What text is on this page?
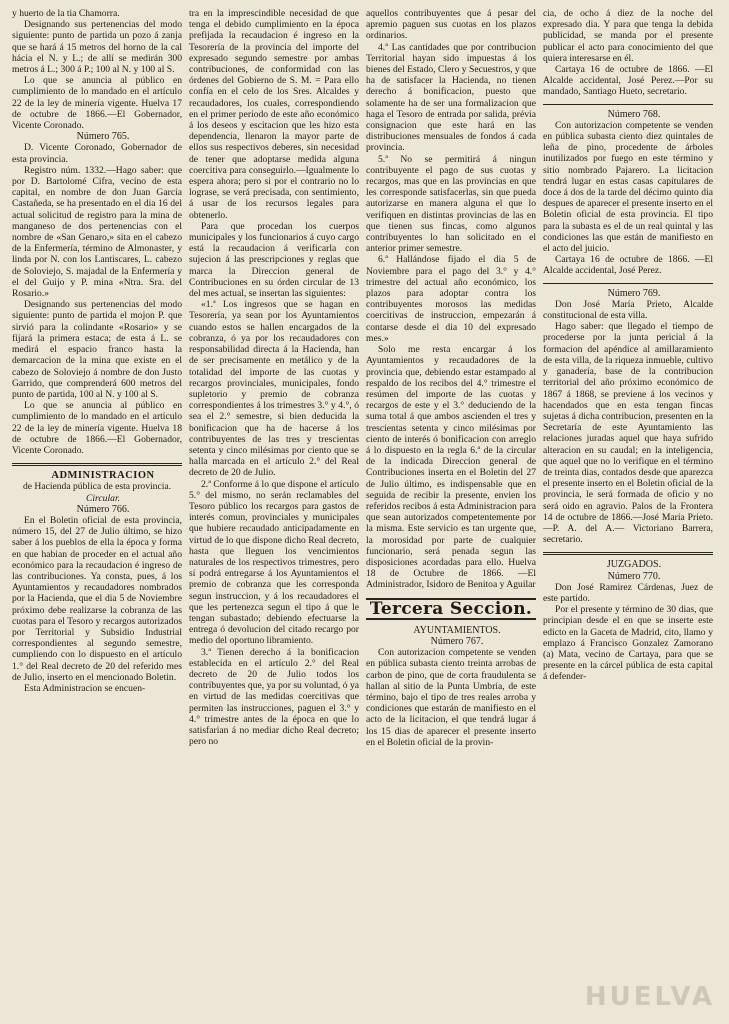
y huerto de la tia Chamorra.

Designando sus pertenencias del modo siguiente: punto de partida un pozo á zanja que se hará á 15 metros del horno de la cal hácia el N. y L.; de allí se medirán 300 metros á L.; 300 á P.; 100 al N. y 100 al S.

Lo que se anuncia al público en cumplimiento de lo mandado en el artículo 22 de la ley de minería vigente. Huelva 17 de octubre de 1866.—El Gobernador, Vicente Coronado.

Número 765.

D. Vicente Coronado, Gobernador de esta provincia.

Registro núm. 1332.—Hago saber: que por D. Bartolomé Cifra, vecino de esta capital, en nombre de don Juan García Castañeda, se ha presentado en el dia 16 del actual solicitud de registro para la mina de manganeso de dos pertenencias con el nombre de «San Genaro,» sita en el cabezo de la Enfermería, término de Almonaster, y linda por N. con los Lantiscares, L. cabezo de Soloviejo, S. majadal de la Enfermería y el del Guijo y P. mina «Ntra. Sra. del Rosario.»

Designando sus pertenencias del modo siguiente: punto de partida el mojon P. que sirvió para la colindante «Rosario» y se fijará la primera estaca; de esta á L. se medirá el espacio franco hasta la demarcacion de la mina que existe en el cabezo de Soloviejo á nombre de don Justo Garrido, que comprenderá 600 metros del punto de partida, 100 al N. y 100 al S.

Lo que se anuncia al público en cumplimiento de lo mandado en el artículo 22 de la ley de minería vigente. Huelva 18 de octubre de 1866.—El Gobernador, Vicente Coronado.

ADMINISTRACION

de Hacienda pública de esta provincia.

Circular.

Número 766.

En el Boletin oficial de esta provincia, número 15, del 27 de Julio último, se hizo saber á los pueblos de ella la época y forma en que habian de proceder en el actual año económico para la recaudacion é ingreso de las contribuciones. Ya consta, pues, á los Ayuntamientos y recaudadores nombrados por la Hacienda, que el dia 5 de Noviembre próximo debe realizarse la cobranza de las cuotas para el Tesoro y recargos autorizados por Territorial y Subsidio Industrial correspondientes al segundo semestre, cumpliendo con lo dispuesto en el artículo 1.° del Real decreto de 20 del referido mes de Julio, inserto en el mencionado Boletin.

Esta Administracion se encuen-

tra en la imprescindible necesidad de que tenga el debido cumplimiento en la época prefijada la recaudacion é ingreso en la Tesorería de la provincia del importe del expresado segundo semestre por ambas contribuciones, de conformidad con las órdenes del Gobierno de S. M. = Para ello confía en el celo de los Sres. Alcaldes y recaudadores, los cuales, correspondiendo en el primer período de este año económico á los deseos y escitacion que les hizo esta dependencia, llenaron la mayor parte de ellos sus respectivos deberes, sin necesidad de tener que adoptarse medida alguna coercitiva para conseguirlo.—Igualmente lo espera ahora; pero si por el contrario no lo lograse, se verá precisada, con sentimiento, á usar de los recursos legales para obtenerlo.

Para que procedan los cuerpos municipales y los funcionarios á cuyo cargo está la recaudacion á verificarla con sujecion á las prescripciones y reglas que marca la Direccion general de Contribuciones en su órden circular de 13 del mes actual, se insertan las siguientes:

«1.ª Los ingresos que se hagan en Tesorería, ya sean por los Ayuntamientos cuando estos se hallen encargados de la cobranza, ó ya por los recaudadores con responsabilidad directa á la Hacienda, han de ser precisamente en metálico y de la totalidad del importe de las cuotas y recargos provinciales, municipales, fondo supletorio y premio de cobranza correspondientes á los trimestres 3.° y 4.°, ó sea el 2.° semestre, si bien deducida la bonificacion que ha de hacerse á los contribuyentes de las tres y trescientas setenta y cinco milésimas por ciento que se halla marcada en el artículo 2.° del Real decreto de 20 de Julio.

2.ª Conforme á lo que dispone el artículo 5.° del mismo, no serán reclamables del Tesoro público los recargos para gastos de interés comun, provinciales y municipales que hubiere recaudado anticipadamente en virtud de lo que dispone dicho Real decreto, hasta que lleguen los vencimientos naturales de los respectivos trimestres, pero sí podrá entregarse á los Ayuntamientos el premio de cobranza que les corresponda segun instruccion, y á los recaudadores el que les pertenezca segun el tipo á que le tengan subastado; debiendo efectuarse la entrega ó devolucion del citado recargo por medio del oportuno libramiento.

3.ª Tienen derecho á la bonificacion establecida en el artículo 2.° del Real decreto de 20 de Julio todos los contribuyentes que, ya por su voluntad, ó ya en virtud de las medidas coercitivas que permiten las instrucciones, paguen el 3.° y 4.° trimestre antes de la época en que lo satisfarian á no mediar dicho Real decreto; pero no

aquellos contribuyentes que á pesar del apremio paguen sus cuotas en los plazos ordinarios.

4.ª Las cantidades que por contribucion Territorial hayan sido impuestas á los bienes del Estado, Clero y Secuestros, y que ha de satisfacer la Hacienda, no tienen derecho á bonificacion, puesto que solamente ha de ser una formalizacion que haga el Tesoro de entrada por salida, prévia consignacion que este hará en las distribuciones mensuales de fondos á cada provincia.

5.ª No se permitirá á ningun contribuyente el pago de sus cuotas y recargos, mas que en las provincias en que les corresponde satisfacerlas, sin que pueda autorizarse en manera alguna el que lo verifiquen en distintas provincias de las en que tienen sus fincas, como algunos contribuyentes lo han solicitado en el anterior primer semestre.

6.ª Hallándose fijado el dia 5 de Noviembre para el pago del 3.° y 4.° trimestre del actual año económico, los plazos para adoptar contra los contribuyentes morosos las medidas coercitivas de instruccion, empezarán á contarse desde el dia 10 del expresado mes.»

Solo me resta encargar á los Ayuntamientos y recaudadores de la provincia que, debiendo estar estampado al respaldo de los recibos del 4.° trimestre el resúmen del importe de las cuotas y recargos de este y el 3.° deduciendo de la suma total á que ambos ascienden el tres y trescientas setenta y cinco milésimas por ciento de interés ó bonificacion con arreglo á lo dispuesto en la regla 6.ª de la circular de la indicada Direccion general de Contribuciones inserta en el Boletin del 27 de Julio último, es indispensable que en seguida de recibir la presente, envien los referidos recibos á esta Administracion para que sean autorizados competentemente por la misma. Este servicio es tan urgente que, la morosidad por parte de cualquier funcionario, será penada segun las disposiciones acordadas para ello. Huelva 18 de Octubre de 1866. —El Administrador, Isidoro de Benitoa y Aguilar

Tercera Seccion.

AYUNTAMIENTOS.

Número 767.

Con autorizacion competente se venden en pública subasta ciento treinta arrobas de carbon de pino, que de corta fraudulenta se hallan al sitio de la Punta Umbría, de este término, bajo el tipo de tres reales arroba y condiciones que estarán de manifiesto en el acto de la licitacion, el que tendrá lugar á los 15 dias de aparecer el presente inserto en el Boletin oficial de la provin-

cia, de ocho á diez de la noche del expresado dia. Y para que tenga la debida publicidad, se manda por el presente publicar el acto para conocimiento del que quiera interesarse en él.

Cartaya 16 de octubre de 1866. —El Alcalde accidental, José Perez.—Por su mandado, Santiago Hueto, secretario.

Número 768.

Con autorizacion competente se venden en pública subasta ciento diez quintales de leña de pino, procedente de árboles inutilizados por fuego en este término y sitio nombrado Pajarero. La licitacion tendrá lugar en estas casas capitulares de doce á dos de la tarde del décimo quinto dia despues de aparecer el presente inserto en el Boletin oficial de esta provincia. El tipo para la subasta es el de un real quintal y las condiciones las que están de manifiesto en el acto del juicio.

Cartaya 16 de octubre de 1866. —El Alcalde accidental, José Perez.

Número 769.

Don José María Prieto, Alcalde constitucional de esta villa.

Hago saber: que llegado el tiempo de procederse por la junta pericial á la formacion del apéndice al amillaramiento de esta villa, de la riqueza inmueble, cultivo y ganadería, base de la contribucion territorial del año próximo económico de 1867 á 1868, se previene á los vecinos y hacendados que en esta tengan fincas sujetas á dicha contribucion, presenten en la Secretaría de este Ayuntamiento las relaciones juradas aquel que haya sufrido alteracion en su caudal; en la inteligencia, que aquel que no lo verifique en el término de treinta dias, contados desde que aparezca el presente inserto en el Boletin oficial de la provincia, le será formada de oficio y no será oido en agravio. Palos de la Frontera 14 de octubre de 1866.—José María Prieto.—P. A. del A.— Victoriano Barrera, secretario.

JUZGADOS.

Número 770.

Don José Ramirez Cárdenas, Juez de este partido.

Por el presente y término de 30 dias, que principian desde el en que se inserte este edicto en la Gaceta de Madrid, cito, llamo y emplazo á Francisco Gonzalez Zamorano (a) Mata, vecino de Cartaya, para que se presente en la cárcel pública de esta capital á defender-

HUELVA
